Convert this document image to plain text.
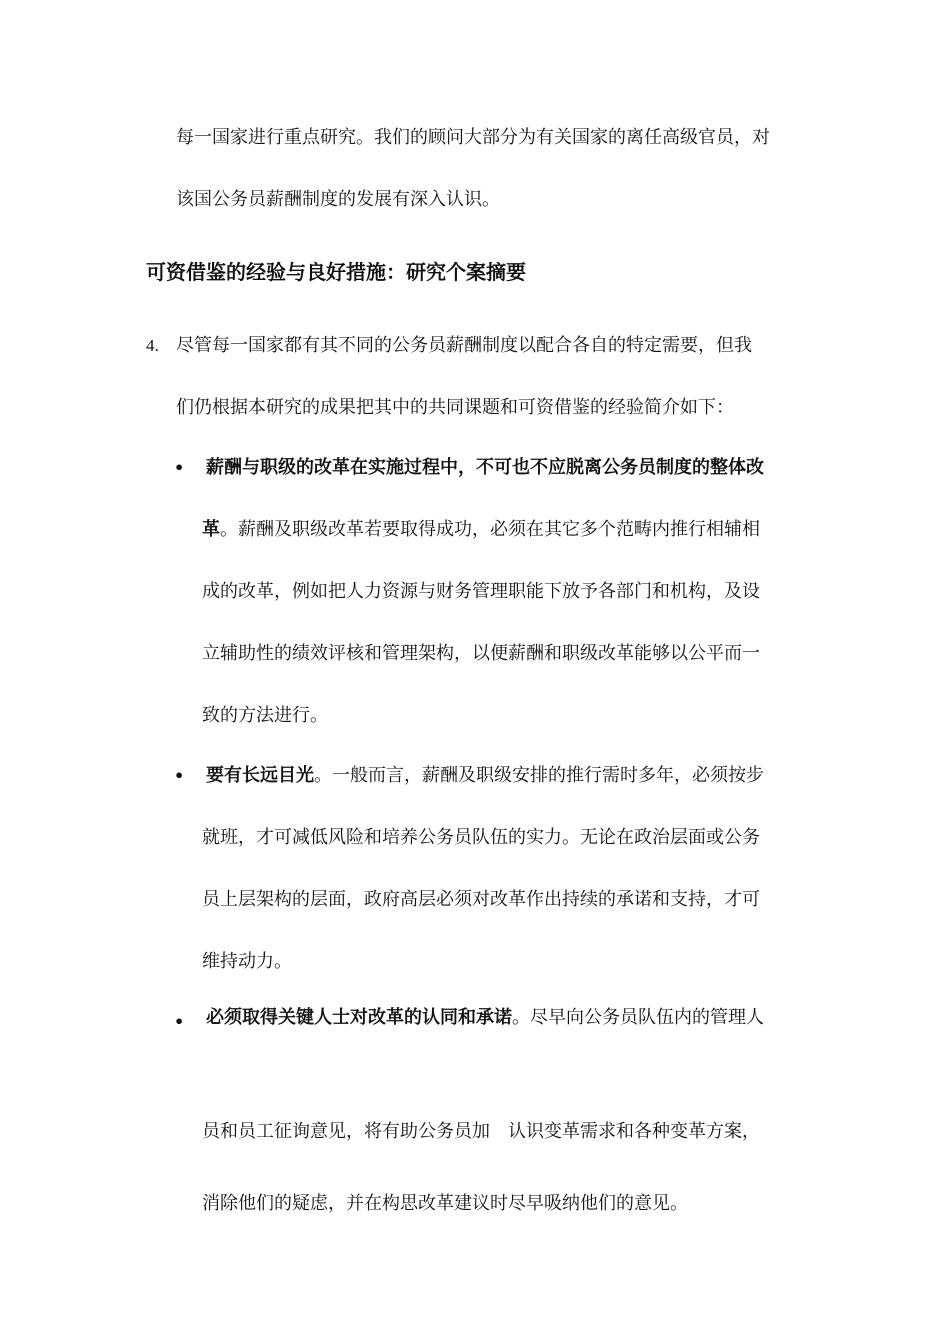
每一国家进行重点研究。我们的顾问大部分为有关国家的离任高级官员，对
该国公务员薪酬制度的发展有深入认识。
可资借鉴的经验与良好措施：研究个案摘要
4. 尽管每一国家都有其不同的公务员薪酬制度以配合各自的特定需要，但我
们仍根据本研究的成果把其中的共同课题和可资借鉴的经验简介如下：
• 薪酬与职级的改革在实施过程中，不可也不应脱离公务员制度的整体改
革。薪酬及职级改革若要取得成功，必须在其它多个范畴内推行相辅相
成的改革，例如把人力资源与财务管理职能下放予各部门和机构，及设
立辅助性的绩效评核和管理架构，以便薪酬和职级改革能够以公平而一
致的方法进行。
• 要有长远目光。一般而言，薪酬及职级安排的推行需时多年，必须按步
就班，才可减低风险和培养公务员队伍的实力。无论在政治层面或公务
员上层架构的层面，政府高层必须对改革作出持续的承诺和支持，才可
维持动力。
• 必须取得关键人士对改革的认同和承诺。尽早向公务员队伍内的管理人
员和员工征询意见，将有助公务员加　认识变革需求和各种变革方案，
消除他们的疑虑，并在构思改革建议时尽早吸纳他们的意见。
